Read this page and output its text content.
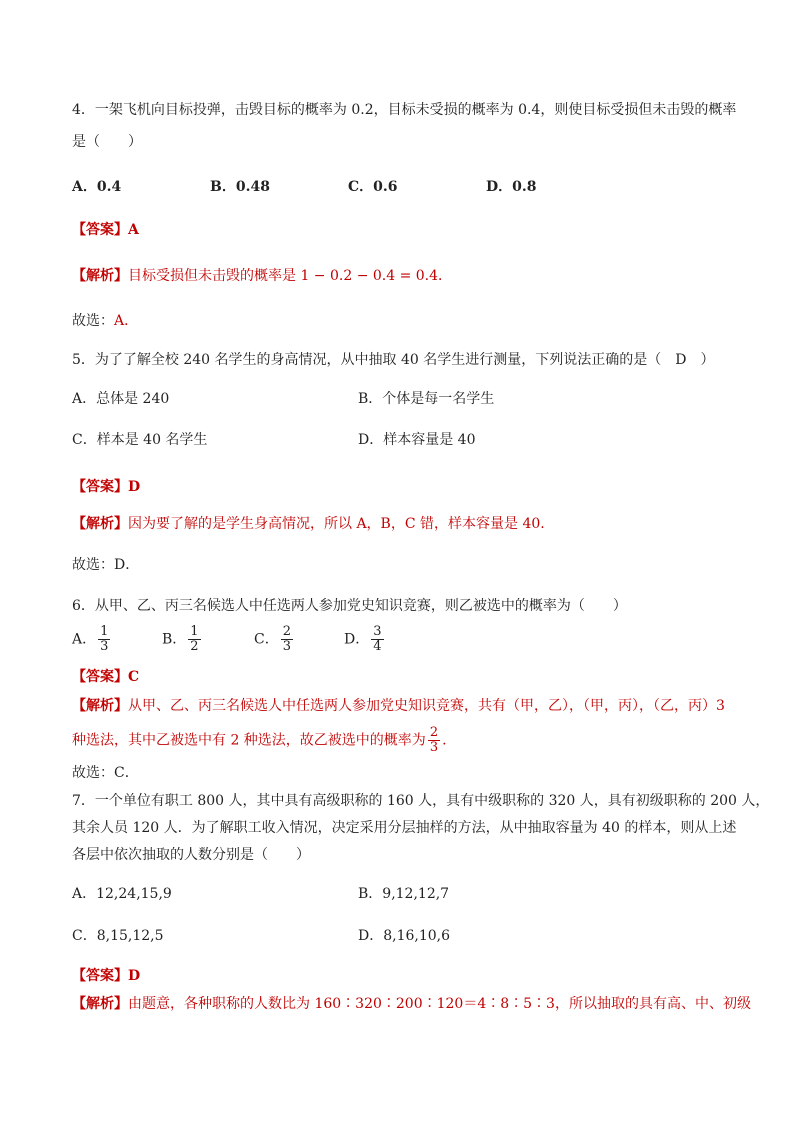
4．一架飞机向目标投弹，击毁目标的概率为 0.2，目标未受损的概率为 0.4，则使目标受损但未击毁的概率
是（　　）
A．0.4	B．0.48	C．0.6	D．0.8
【答案】A
【解析】目标受损但未击毁的概率是 1 − 0.2 − 0.4 = 0.4．
故选：A．
5．为了了解全校 240 名学生的身高情况，从中抽取 40 名学生进行测量，下列说法正确的是（　D　）
A．总体是 240	B．个体是每一名学生
C．样本是 40 名学生	D．样本容量是 40
【答案】D
【解析】因为要了解的是学生身高情况，所以 A，B，C 错，样本容量是 40.
故选：D．
6．从甲、乙、丙三名候选人中任选两人参加党史知识竞赛，则乙被选中的概率为（　　）
A． $\frac{1}{3}$	B． $\frac{1}{2}$	C． $\frac{2}{3}$	D． $\frac{3}{4}$
【答案】C
【解析】从甲、乙、丙三名候选人中任选两人参加党史知识竞赛，共有（甲，乙），（甲，丙），（乙，丙）3
种选法，其中乙被选中有 2 种选法，故乙被选中的概率为 $\frac{2}{3}$ .
故选：C．
7．一个单位有职工 800 人，其中具有高级职称的 160 人，具有中级职称的 320 人，具有初级职称的 200 人，
其余人员 120 人．为了解职工收入情况，决定采用分层抽样的方法，从中抽取容量为 40 的样本，则从上述
各层中依次抽取的人数分别是（　　）
A．12,24,15,9	B．9,12,12,7
C．8,15,12,5	D．8,16,10,6
【答案】D
【解析】由题意，各种职称的人数比为 160∶320∶200∶120＝4∶8∶5∶3，所以抽取的具有高、中、初级
